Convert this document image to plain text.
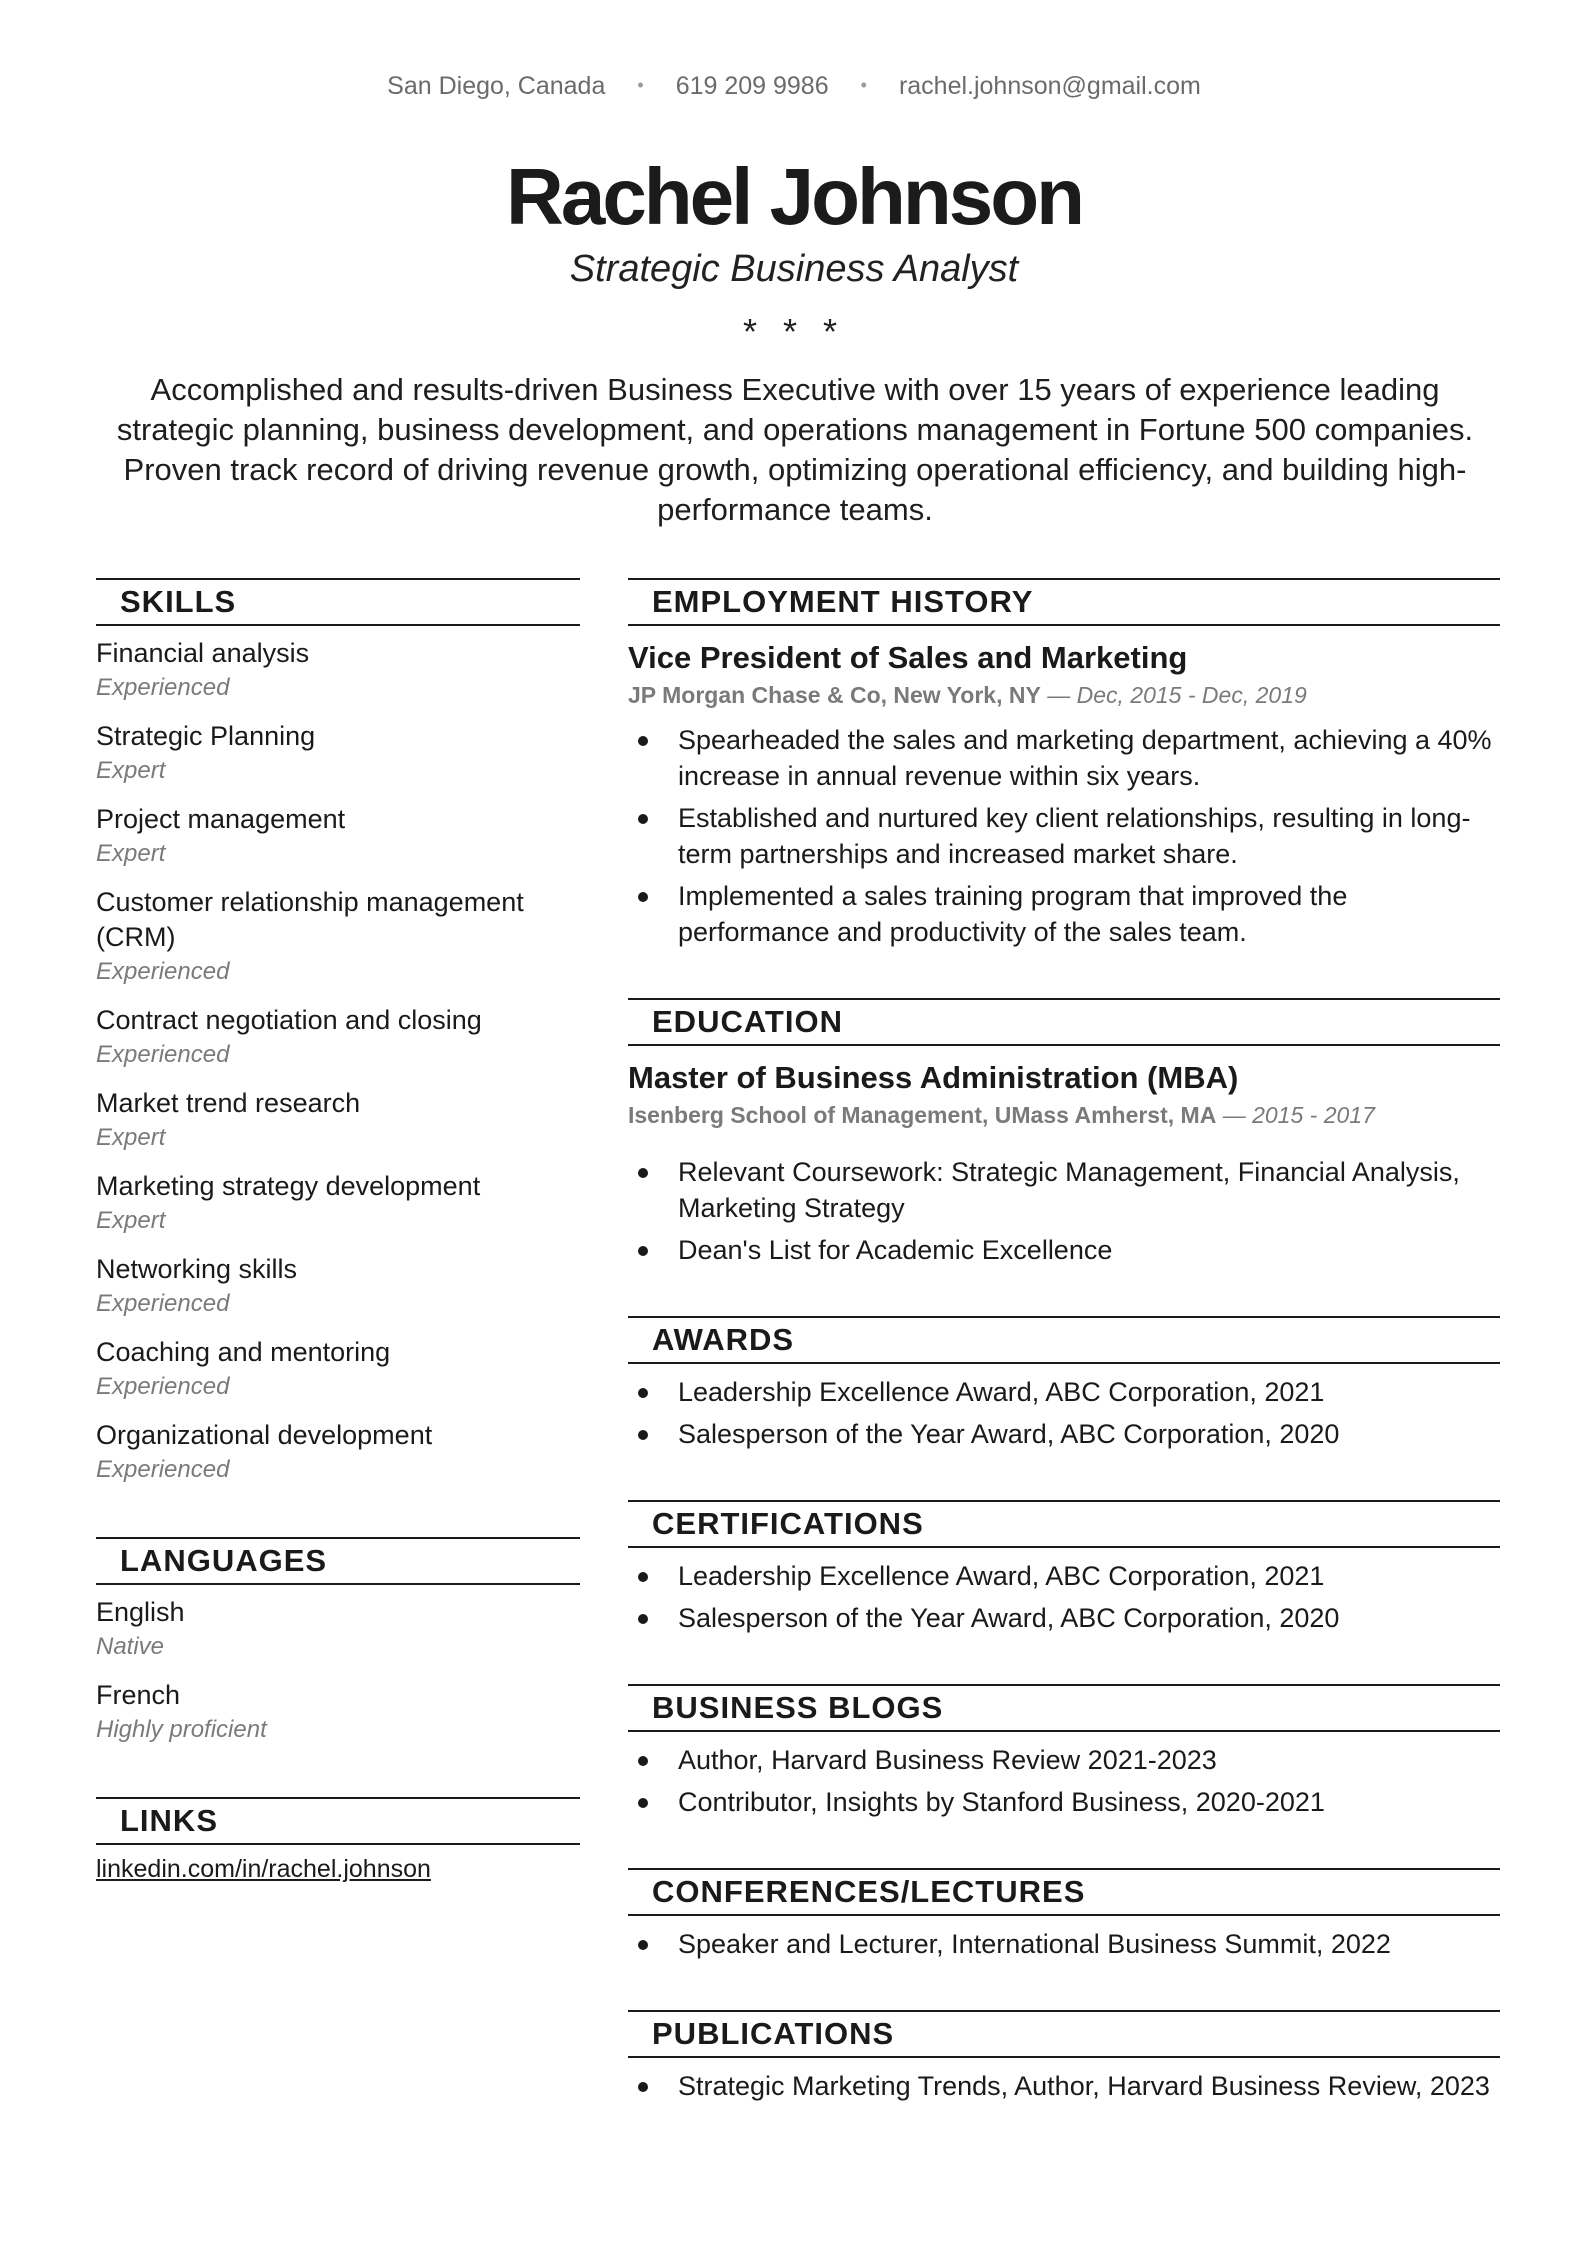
San Diego, Canada • 619 209 9986 • rachel.johnson@gmail.com
Rachel Johnson
Strategic Business Analyst
* * *
Accomplished and results-driven Business Executive with over 15 years of experience leading strategic planning, business development, and operations management in Fortune 500 companies. Proven track record of driving revenue growth, optimizing operational efficiency, and building high-performance teams.
SKILLS
Financial analysis
Experienced
Strategic Planning
Expert
Project management
Expert
Customer relationship management (CRM)
Experienced
Contract negotiation and closing
Experienced
Market trend research
Expert
Marketing strategy development
Expert
Networking skills
Experienced
Coaching and mentoring
Experienced
Organizational development
Experienced
LANGUAGES
English
Native
French
Highly proficient
LINKS
linkedin.com/in/rachel.johnson
EMPLOYMENT HISTORY
Vice President of Sales and Marketing
JP Morgan Chase & Co, New York, NY — Dec, 2015 - Dec, 2019
Spearheaded the sales and marketing department, achieving a 40% increase in annual revenue within six years.
Established and nurtured key client relationships, resulting in long-term partnerships and increased market share.
Implemented a sales training program that improved the performance and productivity of the sales team.
EDUCATION
Master of Business Administration (MBA)
Isenberg School of Management, UMass Amherst, MA — 2015 - 2017
Relevant Coursework: Strategic Management, Financial Analysis, Marketing Strategy
Dean's List for Academic Excellence
AWARDS
Leadership Excellence Award, ABC Corporation, 2021
Salesperson of the Year Award, ABC Corporation, 2020
CERTIFICATIONS
Leadership Excellence Award, ABC Corporation, 2021
Salesperson of the Year Award, ABC Corporation, 2020
BUSINESS BLOGS
Author, Harvard Business Review 2021-2023
Contributor, Insights by Stanford Business, 2020-2021
CONFERENCES/LECTURES
Speaker and Lecturer, International Business Summit, 2022
PUBLICATIONS
Strategic Marketing Trends, Author, Harvard Business Review, 2023
